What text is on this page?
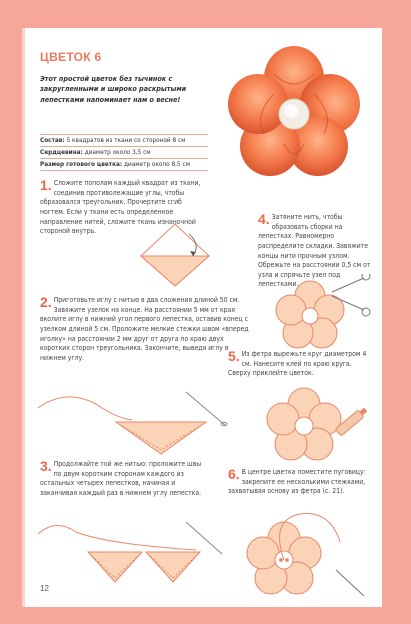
ЦВЕТОК 6
Этот простой цветок без тычинок с закругленными и широко раскрытыми лепестками напоминает нам о весне!
Состав: 5 квадратов из ткани со стороной 8 см
Сердцевина: диаметр около 3,5 см
Размер готового цветка: диаметр около 8,5 см
1. Сложите пополам каждый квадрат из ткани, соединив противолежащие углы, чтобы образовался треугольник. Прочертите сгиб ногтем. Если у ткани есть определенное направление нитей, сложите ткань изнаночной стороной внутрь.
2. Приготовьте иглу с нитью в два сложения длиной 50 см. Завяжите узелок на конце. На расстоянии 5 мм от края вколите иглу в нижний угол первого лепестка, оставив конец с узелком длиной 5 см. Проложите мелкие стежки швом «вперед иголку» на расстоянии 2 мм друг от друга по краю двух коротких сторон треугольника. Закончите, выведя иглу в нижнем углу.
3. Продолжайте той же нитью: проложите швы по двум коротким сторонам каждого из остальных четырех лепестков, начиная и заканчивая каждый раз в нижнем углу лепестка.
4. Затяните нить, чтобы образовать сборки на лепестках. Равномерно распределите складки. Завяжите концы нити прочным узлом. Обрежьте на расстоянии 0,5 см от узла и спрячьте узел под лепестками.
5. Из фетра вырежьте круг диаметром 4 см. Нанесите клей по краю круга. Сверху приклейте цветок.
6. В центре цветка поместите пуговицу: закрепите ее несколькими стежками, захватывая основу из фетра (с. 21).
12
